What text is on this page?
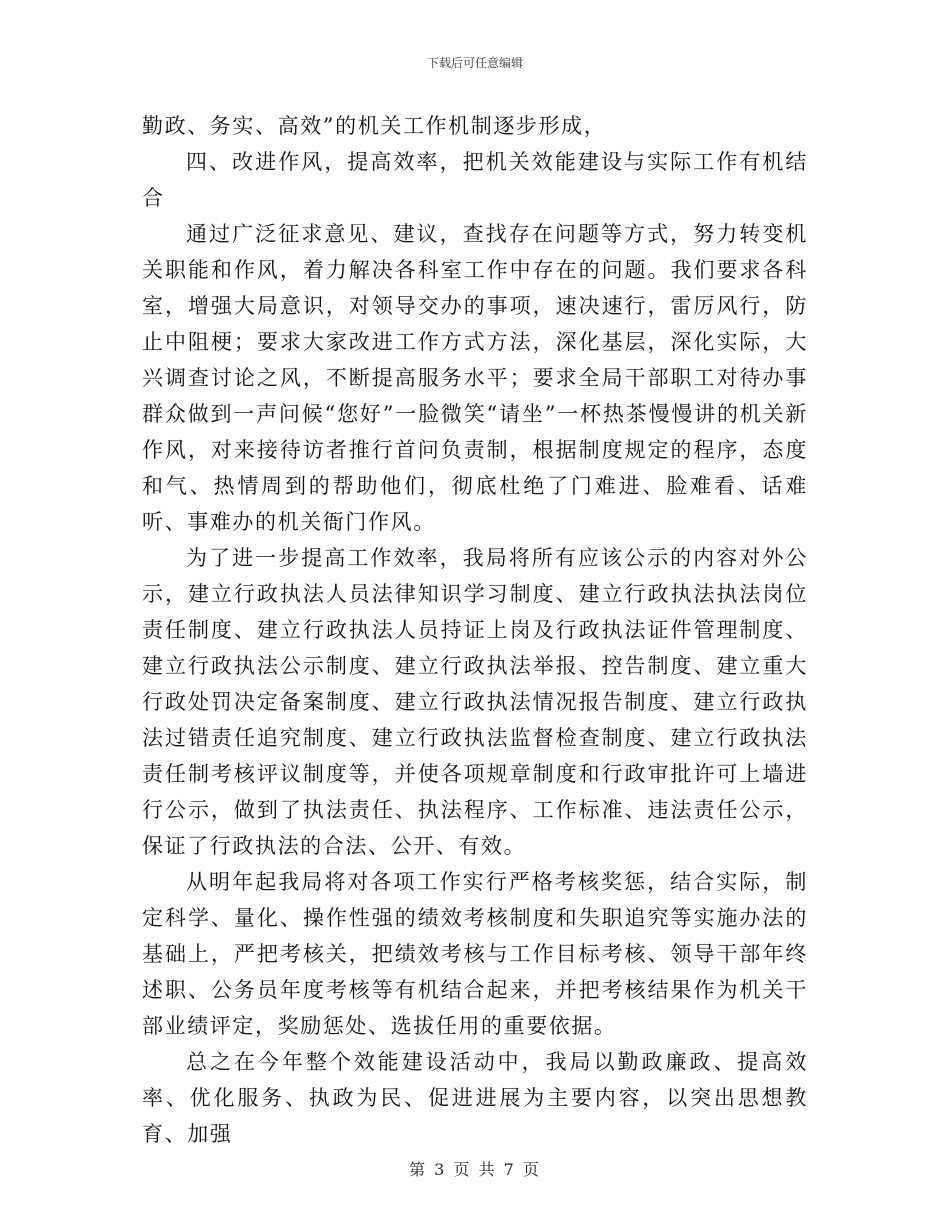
下载后可任意编辑

勤政、务实、高效”的机关工作机制逐步形成，

四、改进作风，提高效率，把机关效能建设与实际工作有机结合

通过广泛征求意见、建议，查找存在问题等方式，努力转变机关职能和作风，着力解决各科室工作中存在的问题。我们要求各科室，增强大局意识，对领导交办的事项，速决速行，雷厉风行，防止中阻梗；要求大家改进工作方式方法，深化基层，深化实际，大兴调查讨论之风，不断提高服务水平；要求全局干部职工对待办事群众做到一声问候“您好”一脸微笑“请坐”一杯热茶慢慢讲的机关新作风，对来接待访者推行首问负责制，根据制度规定的程序，态度和气、热情周到的帮助他们，彻底杜绝了门难进、脸难看、话难听、事难办的机关衙门作风。

为了进一步提高工作效率，我局将所有应该公示的内容对外公示，建立行政执法人员法律知识学习制度、建立行政执法执法岗位责任制度、建立行政执法人员持证上岗及行政执法证件管理制度、建立行政执法公示制度、建立行政执法举报、控告制度、建立重大行政处罚决定备案制度、建立行政执法情况报告制度、建立行政执法过错责任追究制度、建立行政执法监督检查制度、建立行政执法责任制考核评议制度等，并使各项规章制度和行政审批许可上墙进行公示，做到了执法责任、执法程序、工作标准、违法责任公示，保证了行政执法的合法、公开、有效。

从明年起我局将对各项工作实行严格考核奖惩，结合实际，制定科学、量化、操作性强的绩效考核制度和失职追究等实施办法的基础上，严把考核关，把绩效考核与工作目标考核、领导干部年终述职、公务员年度考核等有机结合起来，并把考核结果作为机关干部业绩评定，奖励惩处、选拔任用的重要依据。

总之在今年整个效能建设活动中，我局以勤政廉政、提高效率、优化服务、执政为民、促进进展为主要内容，以突出思想教育、加强

第 3 页 共 7 页
